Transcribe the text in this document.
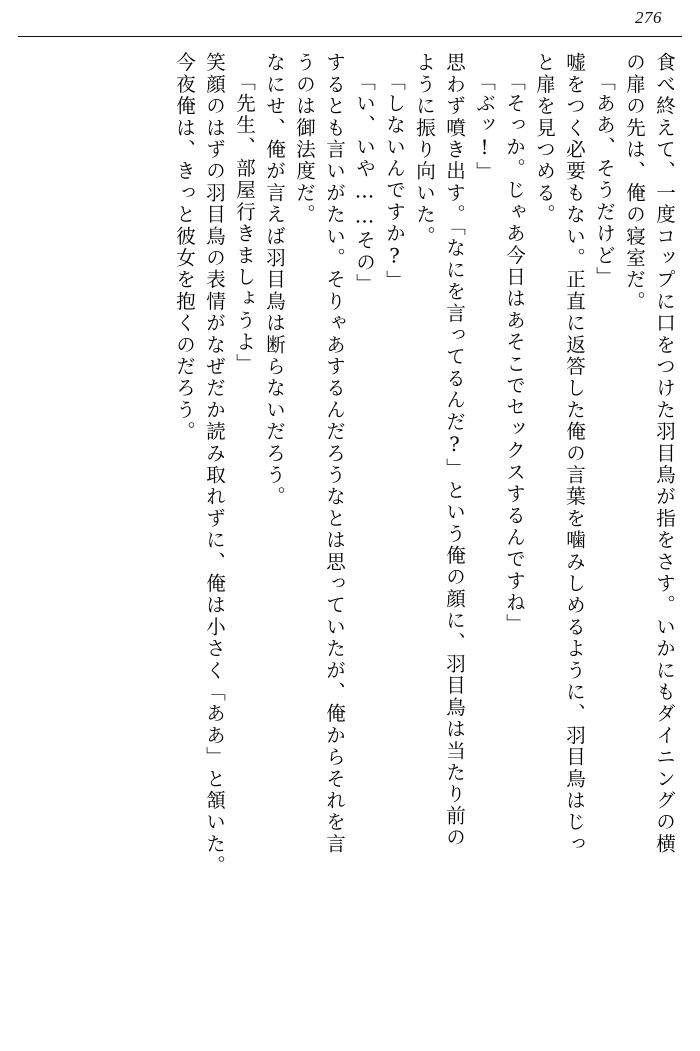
276
食べ終えて、一度コップに口をつけた羽目鳥が指をさす。いかにもダイニングの横
の扉の先は、俺の寝室だ。
「ああ、そうだけど」
嘘をつく必要もない。正直に返答した俺の言葉を噛みしめるように、羽目鳥はじっ
と扉を見つめる。
「そっか。じゃあ今日はあそこでセックスするんですね」
「ぶッ!」
思わず噴き出す。「なにを言ってるんだ?」という俺の顔に、羽目鳥は当たり前の
ように振り向いた。
「しないんですか?」
「い、いや……その」
するとも言いがたい。そりゃあするんだろうなとは思っていたが、俺からそれを言
うのは御法度だ。
なにせ、俺が言えば羽目鳥は断らないだろう。
「先生、部屋行きましょうよ」
笑顔のはずの羽目鳥の表情がなぜだか読み取れずに、俺は小さく「ああ」と頷いた。
今夜俺は、きっと彼女を抱くのだろう。
